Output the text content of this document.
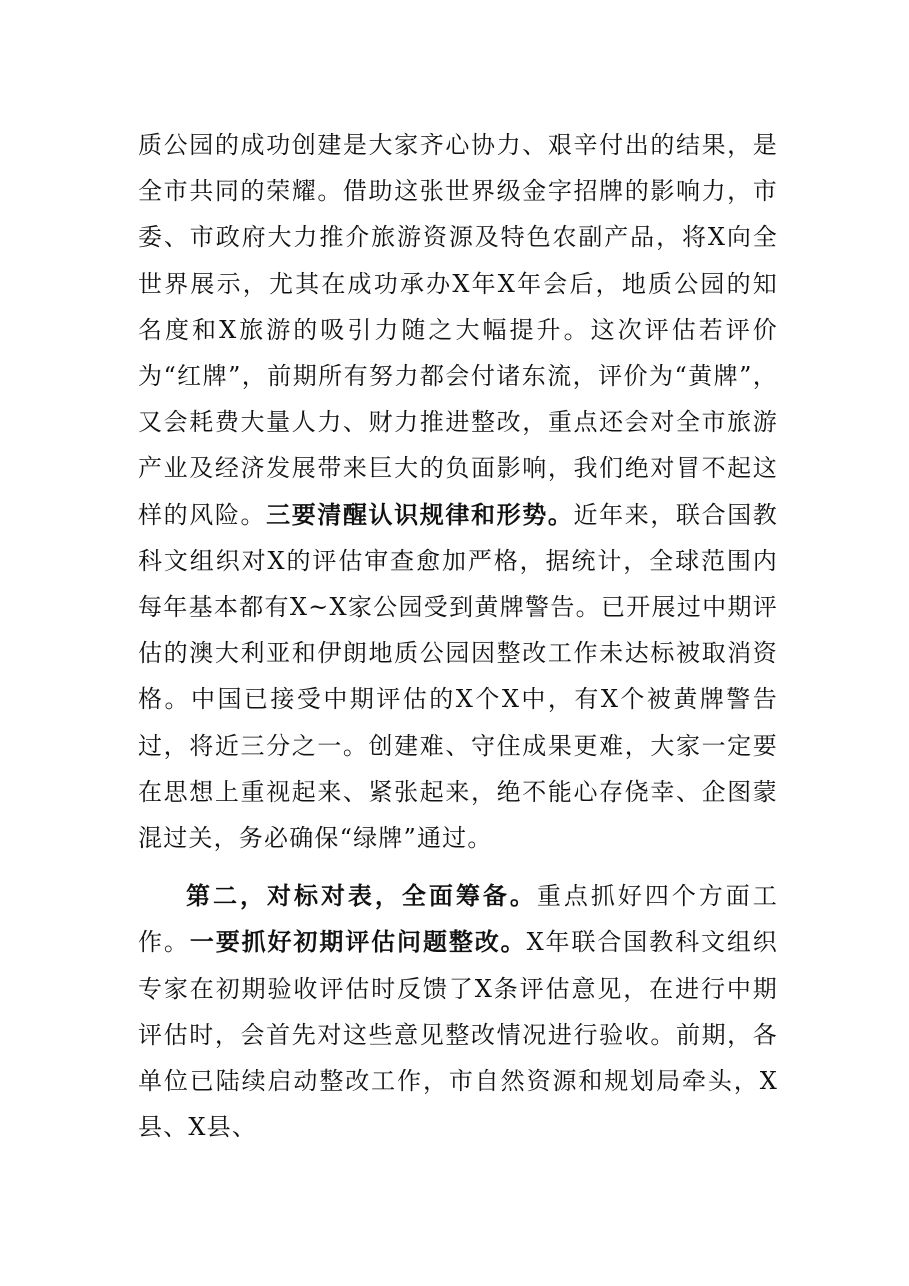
质公园的成功创建是大家齐心协力、艰辛付出的结果，是全市共同的荣耀。借助这张世界级金字招牌的影响力，市委、市政府大力推介旅游资源及特色农副产品，将X向全世界展示，尤其在成功承办X年X年会后，地质公园的知名度和X旅游的吸引力随之大幅提升。这次评估若评价为“红牌”，前期所有努力都会付诸东流，评价为“黄牌”，又会耗费大量人力、财力推进整改，重点还会对全市旅游产业及经济发展带来巨大的负面影响，我们绝对冒不起这样的风险。三要清醒认识规律和形势。近年来，联合国教科文组织对X的评估审查愈加严格，据统计，全球范围内每年基本都有X~X家公园受到黄牌警告。已开展过中期评估的澳大利亚和伊朗地质公园因整改工作未达标被取消资格。中国已接受中期评估的X个X中，有X个被黄牌警告过，将近三分之一。创建难、守住成果更难，大家一定要在思想上重视起来、紧张起来，绝不能心存侥幸、企图蒙混过关，务必确保“绿牌”通过。

第二，对标对表，全面筹备。重点抓好四个方面工作。一要抓好初期评估问题整改。X年联合国教科文组织专家在初期验收评估时反馈了X条评估意见，在进行中期评估时，会首先对这些意见整改情况进行验收。前期，各单位已陆续启动整改工作，市自然资源和规划局牵头，X县、X县、
